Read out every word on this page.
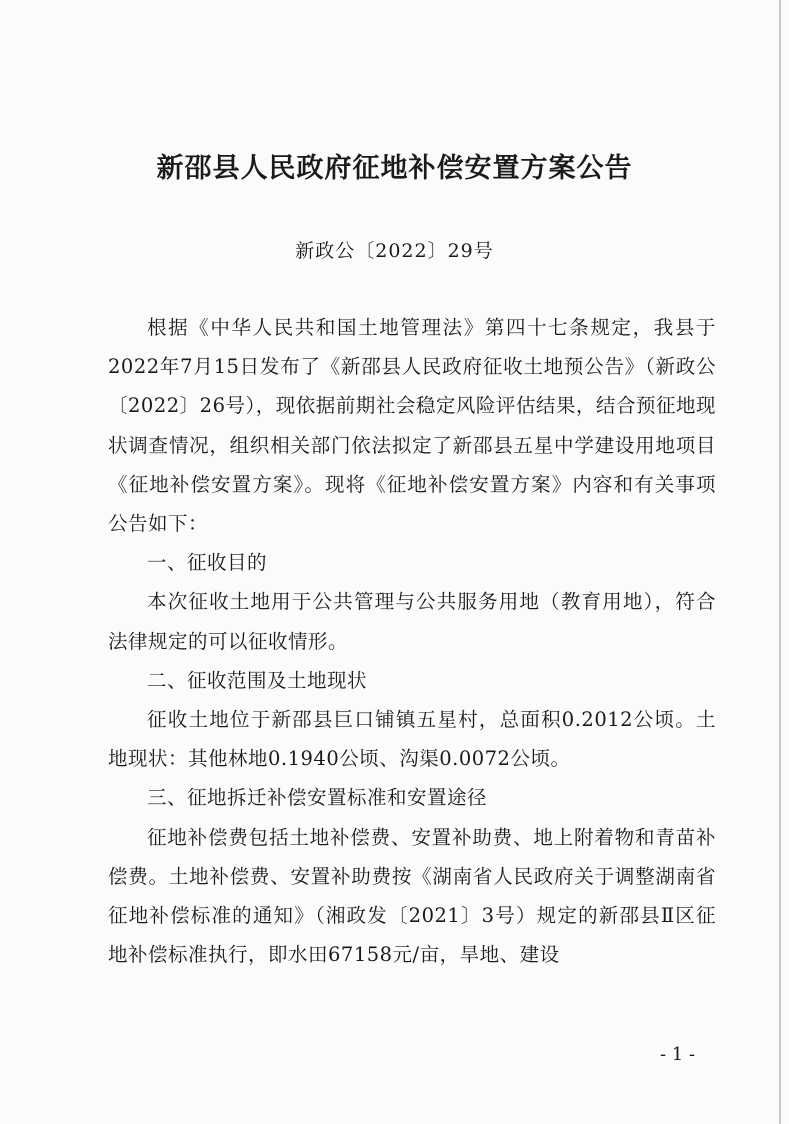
新邵县人民政府征地补偿安置方案公告
新政公〔2022〕29号

根据《中华人民共和国土地管理法》第四十七条规定，我县于2022年7月15日发布了《新邵县人民政府征收土地预公告》（新政公〔2022〕26号），现依据前期社会稳定风险评估结果，结合预征地现状调查情况，组织相关部门依法拟定了新邵县五星中学建设用地项目《征地补偿安置方案》。现将《征地补偿安置方案》内容和有关事项公告如下：

一、征收目的

本次征收土地用于公共管理与公共服务用地（教育用地），符合法律规定的可以征收情形。

二、征收范围及土地现状

征收土地位于新邵县巨口铺镇五星村，总面积0.2012公顷。土地现状：其他林地0.1940公顷、沟渠0.0072公顷。

三、征地拆迁补偿安置标准和安置途径

征地补偿费包括土地补偿费、安置补助费、地上附着物和青苗补偿费。土地补偿费、安置补助费按《湖南省人民政府关于调整湖南省征地补偿标准的通知》（湘政发〔2021〕3号）规定的新邵县Ⅱ区征地补偿标准执行，即水田67158元/亩，旱地、建设

- 1 -
